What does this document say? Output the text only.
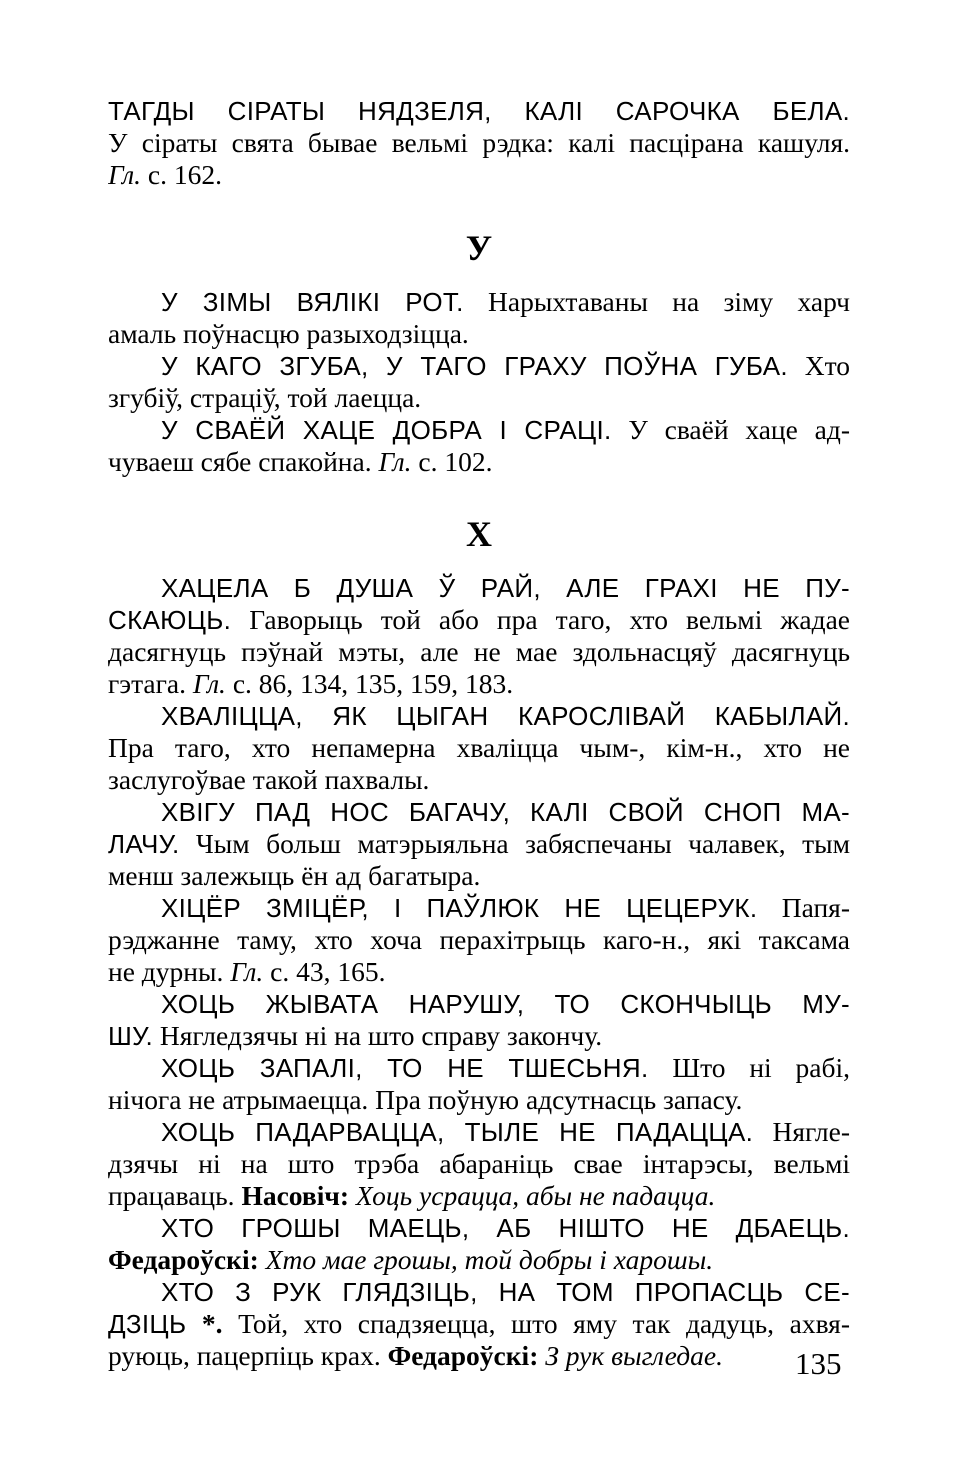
ТАГДЫ СІРАТЫ НЯДЗЕЛЯ, КАЛІ САРОЧКА БЕЛА.
У сіраты свята бывае вельмі рэдка: калі пасцірана кашуля.
Гл. с. 162.
У
У ЗІМЫ ВЯЛІКІ РОТ. Нарыхтаваны на зіму харч
амаль поўнасцю разыходзіцца.
У КАГО ЗГУБА, У ТАГО ГРАХУ ПОЎНА ГУБА. Хто
згубіў, страціў, той лаецца.
У СВАЁЙ ХАЦЕ ДОБРА І СРАЦІ. У сваёй хаце ад-
чуваеш сябе спакойна. Гл. с. 102.
Х
ХАЦЕЛА Б ДУША Ў РАЙ, АЛЕ ГРАХІ НЕ ПУ-
СКАЮЦЬ. Гаворыць той або пра таго, хто вельмі жадае
дасягнуць пэўнай мэты, але не мае здольнасцяў дасягнуць
гэтага. Гл. с. 86, 134, 135, 159, 183.
ХВАЛІЦЦА, ЯК ЦЫГАН КАРОСЛІВАЙ КАБЫЛАЙ.
Пра таго, хто непамерна хваліцца чым-, кім-н., хто не
заслугоўвае такой пахвалы.
ХВІГУ ПАД НОС БАГАЧУ, КАЛІ СВОЙ СНОП МА-
ЛАЧУ. Чым больш матэрыяльна забяспечаны чалавек, тым
менш залежыць ён ад багатыра.
ХІЦЁР ЗМІЦЁР, І ПАЎЛЮК НЕ ЦЕЦЕРУК. Папя-
рэджанне таму, хто хоча перахітрыць каго-н., які таксама
не дурны. Гл. с. 43, 165.
ХОЦЬ ЖЫВАТА НАРУШУ, ТО СКОНЧЫЦЬ МУ-
ШУ. Нягледзячы ні на што справу закончу.
ХОЦЬ ЗАПАЛІ, ТО НЕ ТШЕСЬНЯ. Што ні рабі,
нічога не атрымаецца. Пра поўную адсутнасць запасу.
ХОЦЬ ПАДАРВАЦЦА, ТЫЛЕ НЕ ПАДАЦЦА. Нягле-
дзячы ні на што трэба абараніць свае інтарэсы, вельмі
працаваць. Насовіч: Хоць усраццa, абы не падацца.
ХТО ГРОШЫ МАЕЦЬ, АБ НІШТО НЕ ДБАЕЦЬ.
Федароўскі: Хто мае грошы, той добры і харошы.
ХТО З РУК ГЛЯДЗІЦЬ, НА ТОМ ПРОПАСЦЬ СЕ-
ДЗІЦЬ *. Той, хто спадзяецца, што яму так дадуць, ахвя-
руюць, пацерпіць крах. Федароўскі: З рук выгледае.	135
